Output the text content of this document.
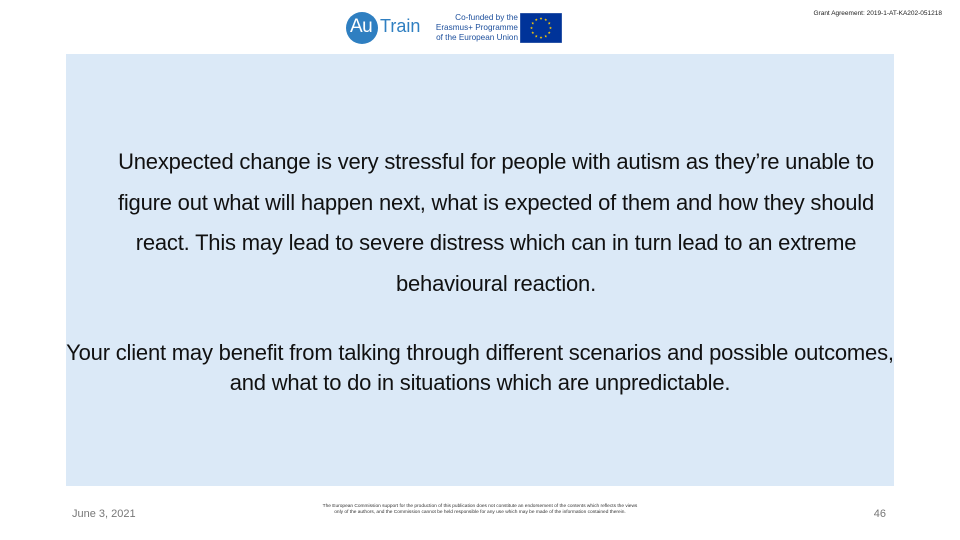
Au Train	Co-funded by the
Erasmus+ Programme
of the European Union
Grant Agreement: 2019-1-AT-KA202-051218

Unexpected change is very stressful for people with autism as they’re unable to figure out what will happen next, what is expected of them and how they should react. This may lead to severe distress which can in turn lead to an extreme behavioural reaction.

Your client may benefit from talking through different scenarios and possible outcomes, and what to do in situations which are unpredictable.

June 3, 2021

The European Commission support for the production of this publication does not constitute an endorsement of the contents which reflects the views only of the authors, and the Commission cannot be held responsible for any use which may be made of the information contained therein.	46
